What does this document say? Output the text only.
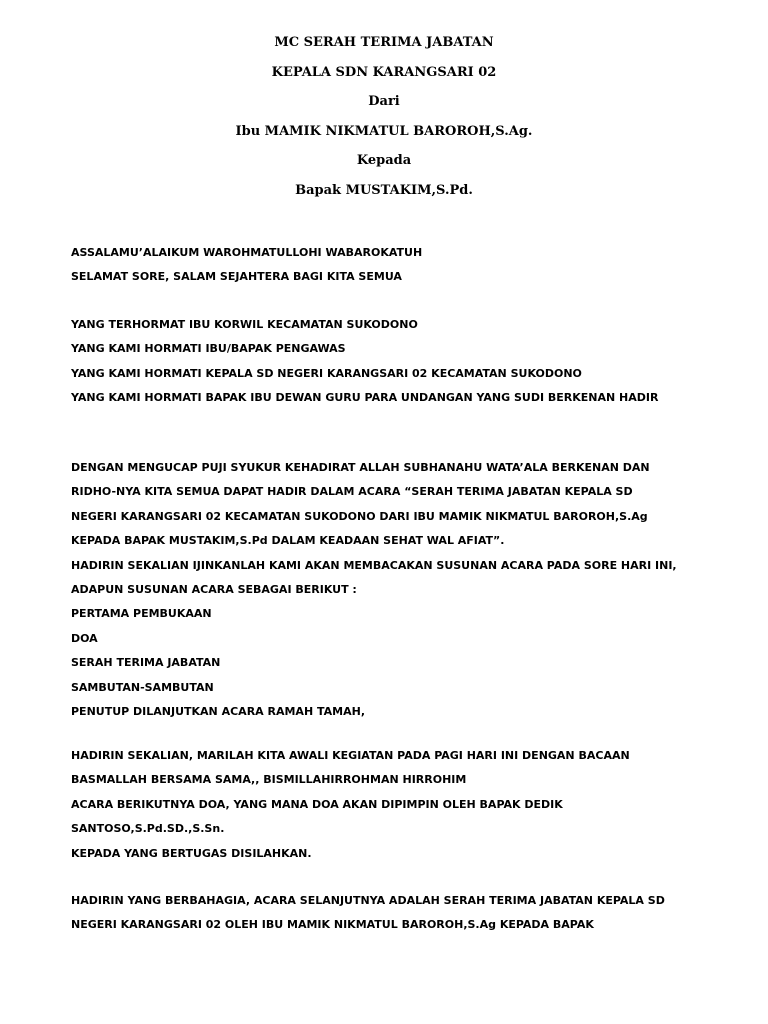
MC SERAH TERIMA JABATAN
KEPALA SDN KARANGSARI 02
Dari
Ibu MAMIK NIKMATUL BAROROH,S.Ag.
Kepada
Bapak MUSTAKIM,S.Pd.
ASSALAMU’ALAIKUM WAROHMATULLOHI WABAROKATUH
SELAMAT SORE, SALAM SEJAHTERA BAGI KITA SEMUA
YANG TERHORMAT IBU KORWIL KECAMATAN SUKODONO
YANG KAMI HORMATI IBU/BAPAK PENGAWAS
YANG KAMI HORMATI KEPALA SD NEGERI KARANGSARI 02 KECAMATAN SUKODONO
YANG KAMI HORMATI BAPAK IBU DEWAN GURU PARA UNDANGAN YANG SUDI BERKENAN HADIR
DENGAN MENGUCAP PUJI SYUKUR KEHADIRAT ALLAH SUBHANAHU WATA’ALA BERKENAN DAN
RIDHO-NYA KITA SEMUA DAPAT HADIR DALAM ACARA “SERAH TERIMA JABATAN KEPALA SD
NEGERI KARANGSARI 02 KECAMATAN SUKODONO DARI IBU MAMIK NIKMATUL BAROROH,S.Ag
KEPADA BAPAK MUSTAKIM,S.Pd DALAM KEADAAN SEHAT WAL AFIAT”.
HADIRIN SEKALIAN IJINKANLAH KAMI AKAN MEMBACAKAN SUSUNAN ACARA PADA SORE HARI INI,
ADAPUN SUSUNAN ACARA SEBAGAI BERIKUT :
PERTAMA PEMBUKAAN
DOA
SERAH TERIMA JABATAN
SAMBUTAN-SAMBUTAN
PENUTUP DILANJUTKAN ACARA RAMAH TAMAH,
HADIRIN SEKALIAN, MARILAH KITA AWALI KEGIATAN PADA PAGI HARI INI DENGAN BACAAN
BASMALLAH BERSAMA SAMA,, BISMILLAHIRROHMAN HIRROHIM
ACARA BERIKUTNYA DOA, YANG MANA DOA AKAN DIPIMPIN OLEH BAPAK DEDIK
SANTOSO,S.Pd.SD.,S.Sn.
KEPADA YANG BERTUGAS DISILAHKAN.
HADIRIN YANG BERBAHAGIA, ACARA SELANJUTNYA ADALAH SERAH TERIMA JABATAN KEPALA SD
NEGERI KARANGSARI 02 OLEH IBU MAMIK NIKMATUL BAROROH,S.Ag KEPADA BAPAK
